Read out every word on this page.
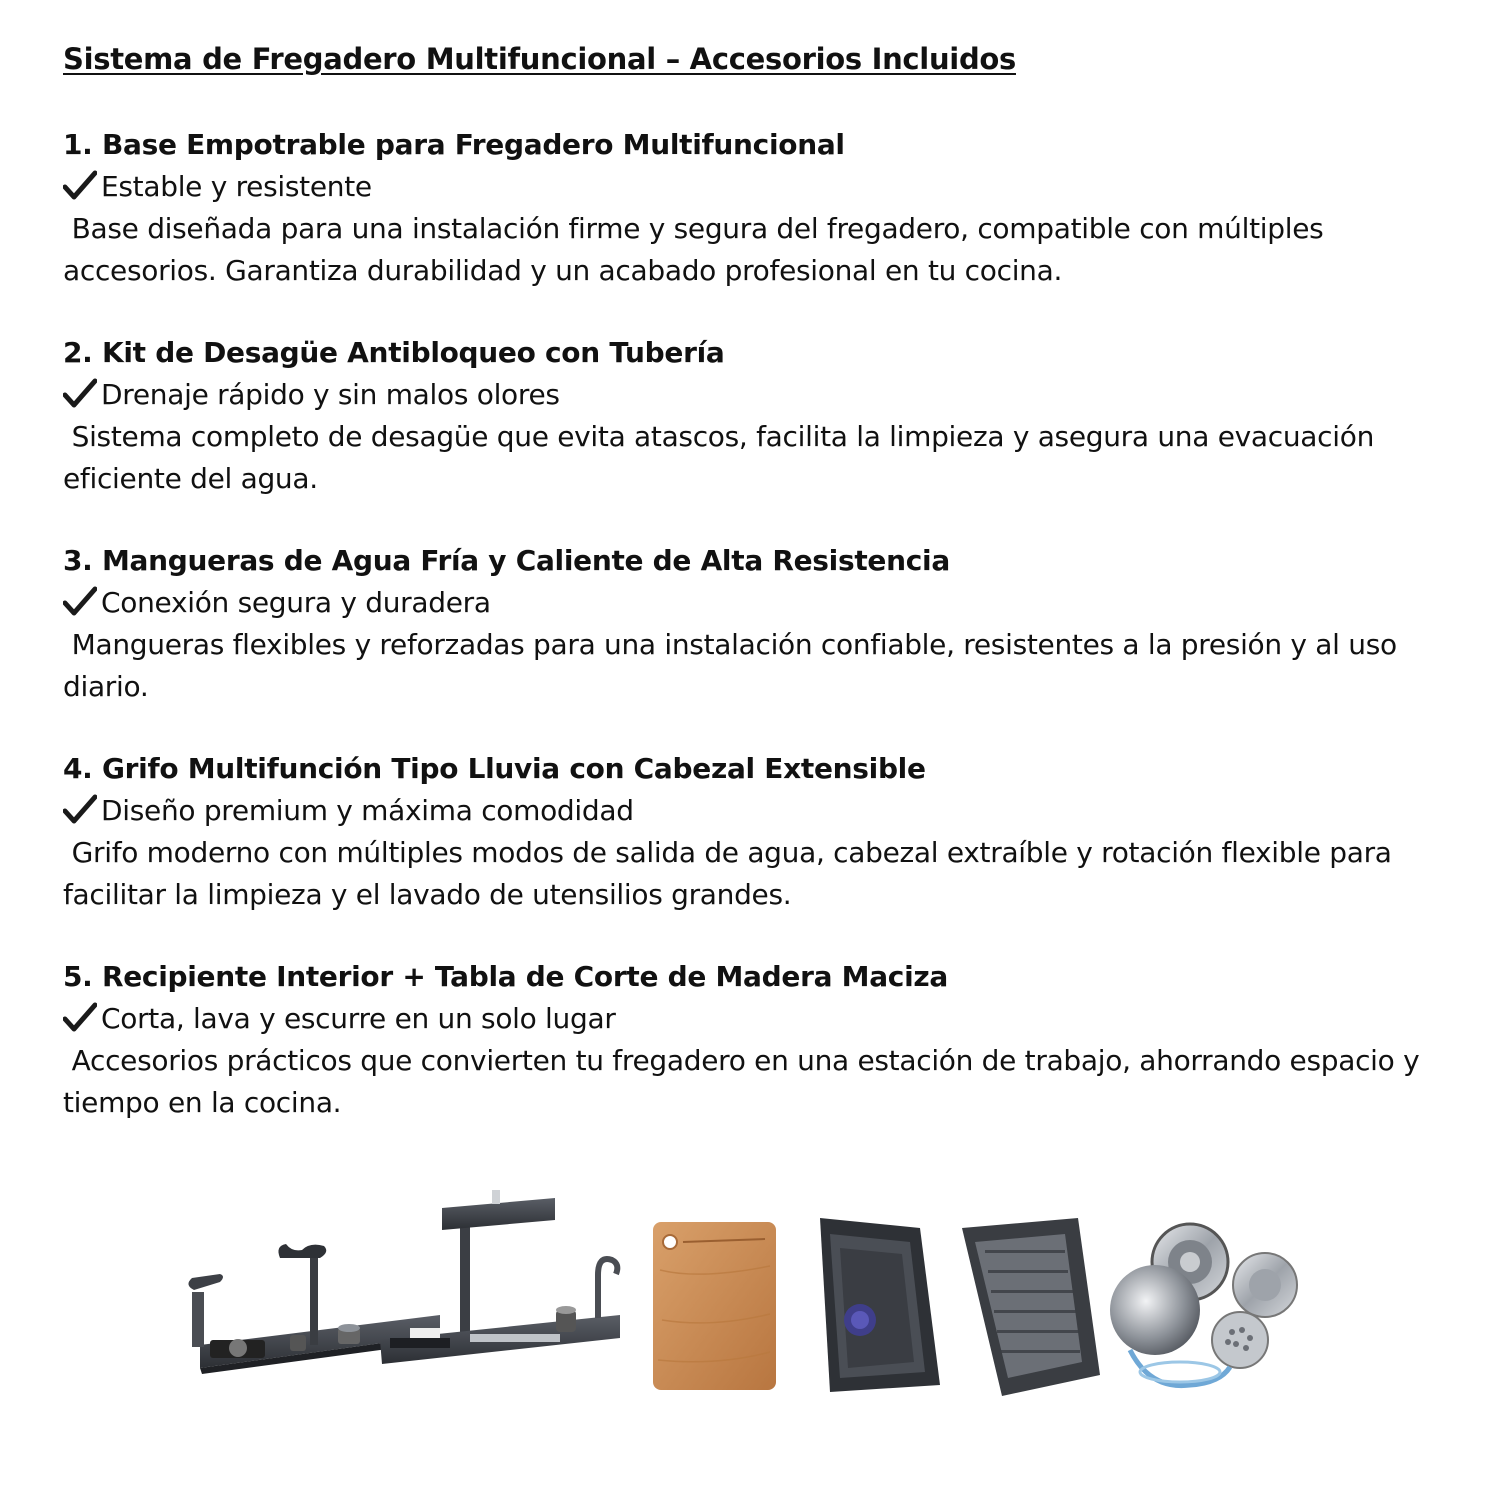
Sistema de Fregadero Multifuncional – Accesorios Incluidos
1. Base Empotrable para Fregadero Multifuncional
Estable y resistente
Base diseñada para una instalación firme y segura del fregadero, compatible con múltiples accesorios. Garantiza durabilidad y un acabado profesional en tu cocina.
2. Kit de Desagüe Antibloqueo con Tubería
Drenaje rápido y sin malos olores
Sistema completo de desagüe que evita atascos, facilita la limpieza y asegura una evacuación eficiente del agua.
3. Mangueras de Agua Fría y Caliente de Alta Resistencia
Conexión segura y duradera
Mangueras flexibles y reforzadas para una instalación confiable, resistentes a la presión y al uso diario.
4. Grifo Multifunción Tipo Lluvia con Cabezal Extensible
Diseño premium y máxima comodidad
Grifo moderno con múltiples modos de salida de agua, cabezal extraíble y rotación flexible para facilitar la limpieza y el lavado de utensilios grandes.
5. Recipiente Interior + Tabla de Corte de Madera Maciza
Corta, lava y escurre en un solo lugar
Accesorios prácticos que convierten tu fregadero en una estación de trabajo, ahorrando espacio y tiempo en la cocina.
